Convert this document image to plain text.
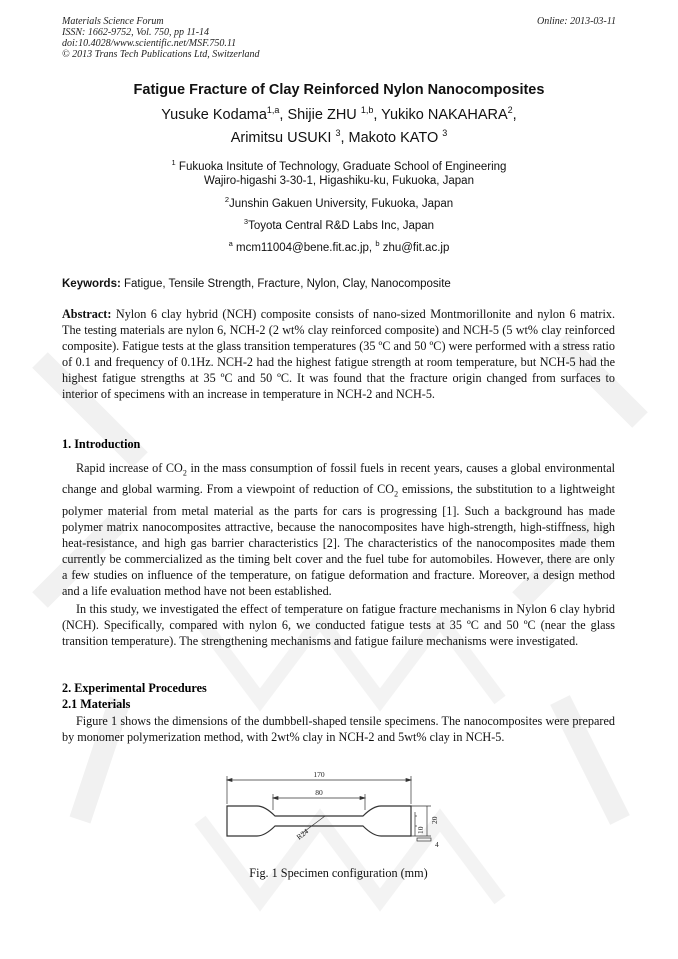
Materials Science Forum
ISSN: 1662-9752, Vol. 750, pp 11-14
doi:10.4028/www.scientific.net/MSF.750.11
© 2013 Trans Tech Publications Ltd, Switzerland
Online: 2013-03-11
Fatigue Fracture of Clay Reinforced Nylon Nanocomposites
Yusuke Kodama$^{1,a}$, Shijie ZHU $^{1,b}$, Yukiko NAKAHARA$^2$,
Arimitsu USUKI $^3$, Makoto KATO $^3$
$^1$ Fukuoka Insitute of Technology, Graduate School of Engineering
Wajiro-higashi 3-30-1, Higashiku-ku, Fukuoka, Japan
$^2$Junshin Gakuen University, Fukuoka, Japan
$^3$Toyota Central R&D Labs Inc, Japan
$^a$ mcm11004@bene.fit.ac.jp, $^b$ zhu@fit.ac.jp
Keywords: Fatigue, Tensile Strength, Fracture, Nylon, Clay, Nanocomposite
Abstract: Nylon 6 clay hybrid (NCH) composite consists of nano-sized Montmorillonite and nylon 6 matrix. The testing materials are nylon 6, NCH-2 (2 wt% clay reinforced composite) and NCH-5 (5 wt% clay reinforced composite). Fatigue tests at the glass transition temperatures (35 ºC and 50 ºC) were performed with a stress ratio of 0.1 and frequency of 0.1Hz. NCH-2 had the highest fatigue strength at room temperature, but NCH-5 had the highest fatigue strengths at 35 ºC and 50 ºC. It was found that the fracture origin changed from surfaces to interior of specimens with an increase in temperature in NCH-2 and NCH-5.
1. Introduction
Rapid increase of $CO_2$ in the mass consumption of fossil fuels in recent years, causes a global environmental change and global warming. From a viewpoint of reduction of $CO_2$ emissions, the substitution to a lightweight polymer material from metal material as the parts for cars is progressing [1]. Such a background has made polymer matrix nanocomposites attractive, because the nanocomposites have high-strength, high-stiffness, high heat-resistance, and high gas barrier characteristics [2]. The characteristics of the nanocomposites made them currently be commercialized as the timing belt cover and the fuel tube for automobiles. However, there are only a few studies on influence of the temperature, on fatigue deformation and fracture. Moreover, a design method and a life evaluation method have not been established.
In this study, we investigated the effect of temperature on fatigue fracture mechanisms in Nylon 6 clay hybrid (NCH). Specifically, compared with nylon 6, we conducted fatigue tests at 35 ºC and 50 ºC (near the glass transition temperature). The strengthening mechanisms and fatigue failure mechanisms were investigated.
2. Experimental Procedures
2.1 Materials
Figure 1 shows the dimensions of the dumbbell-shaped tensile specimens. The nanocomposites were prepared by monomer polymerization method, with 2wt% clay in NCH-2 and 5wt% clay in NCH-5.
170
80
R24
20
10
4
Fig. 1 Specimen configuration (mm)
